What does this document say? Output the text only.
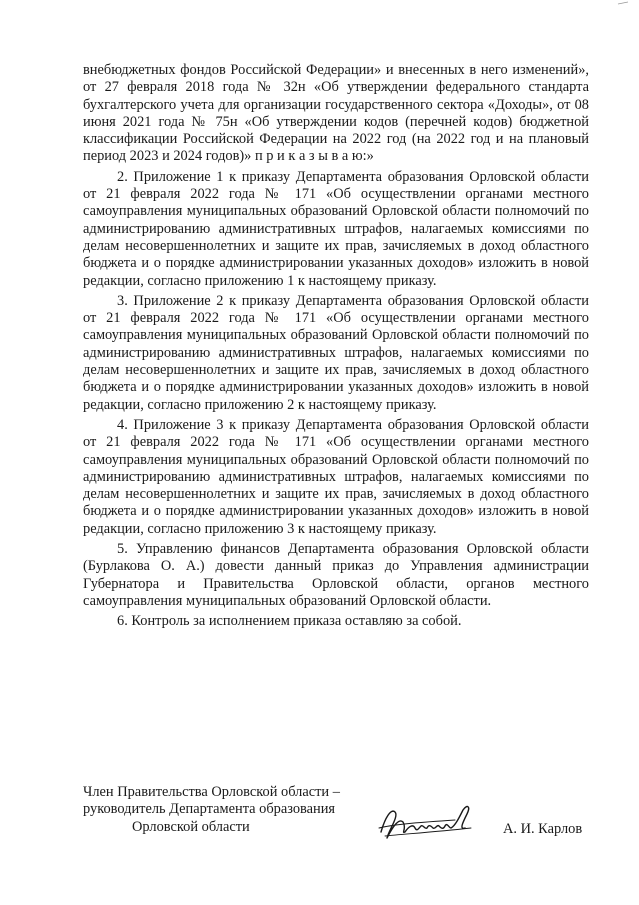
внебюджетных фондов Российской Федерации» и внесенных в него изменений», от 27 февраля 2018 года № 32н «Об утверждении федерального стандарта бухгалтерского учета для организации государственного сектора «Доходы», от 08 июня 2021 года № 75н «Об утверждении кодов (перечней кодов) бюджетной классификации Российской Федерации на 2022 год (на 2022 год и на плановый период 2023 и 2024 годов)» п р и к а з ы в а ю:»

2. Приложение 1 к приказу Департамента образования Орловской области от 21 февраля 2022 года № 171 «Об осуществлении органами местного самоуправления муниципальных образований Орловской области полномочий по администрированию административных штрафов, налагаемых комиссиями по делам несовершеннолетних и защите их прав, зачисляемых в доход областного бюджета и о порядке администрировании указанных доходов» изложить в новой редакции, согласно приложению 1 к настоящему приказу.

3. Приложение 2 к приказу Департамента образования Орловской области от 21 февраля 2022 года № 171 «Об осуществлении органами местного самоуправления муниципальных образований Орловской области полномочий по администрированию административных штрафов, налагаемых комиссиями по делам несовершеннолетних и защите их прав, зачисляемых в доход областного бюджета и о порядке администрировании указанных доходов» изложить в новой редакции, согласно приложению 2 к настоящему приказу.

4. Приложение 3 к приказу Департамента образования Орловской области от 21 февраля 2022 года № 171 «Об осуществлении органами местного самоуправления муниципальных образований Орловской области полномочий по администрированию административных штрафов, налагаемых комиссиями по делам несовершеннолетних и защите их прав, зачисляемых в доход областного бюджета и о порядке администрировании указанных доходов» изложить в новой редакции, согласно приложению 3 к настоящему приказу.

5. Управлению финансов Департамента образования Орловской области (Бурлакова О. А.) довести данный приказ до Управления администрации Губернатора и Правительства Орловской области, органов местного самоуправления муниципальных образований Орловской области.

6. Контроль за исполнением приказа оставляю за собой.

Член Правительства Орловской области –
руководитель Департамента образования
Орловской области	А. И. Карлов
